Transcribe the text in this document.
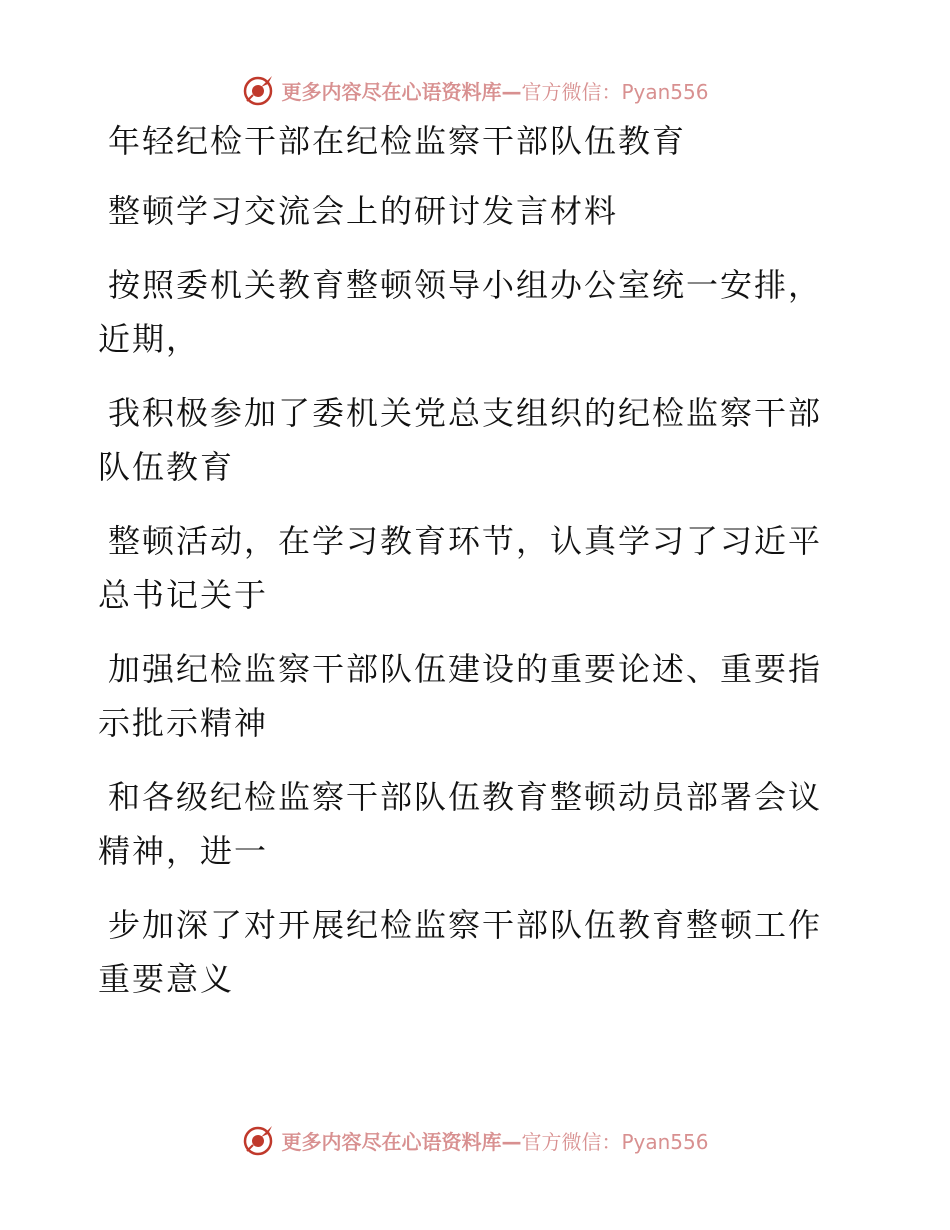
更多内容尽在心语资料库—官方微信：Pyan556
年轻纪检干部在纪检监察干部队伍教育
整顿学习交流会上的研讨发言材料
按照委机关教育整顿领导小组办公室统一安排，
近期，
我积极参加了委机关党总支组织的纪检监察干部
队伍教育
整顿活动，在学习教育环节，认真学习了习近平
总书记关于
加强纪检监察干部队伍建设的重要论述、重要指
示批示精神
和各级纪检监察干部队伍教育整顿动员部署会议
精神，进一
步加深了对开展纪检监察干部队伍教育整顿工作
重要意义
更多内容尽在心语资料库—官方微信：Pyan556
